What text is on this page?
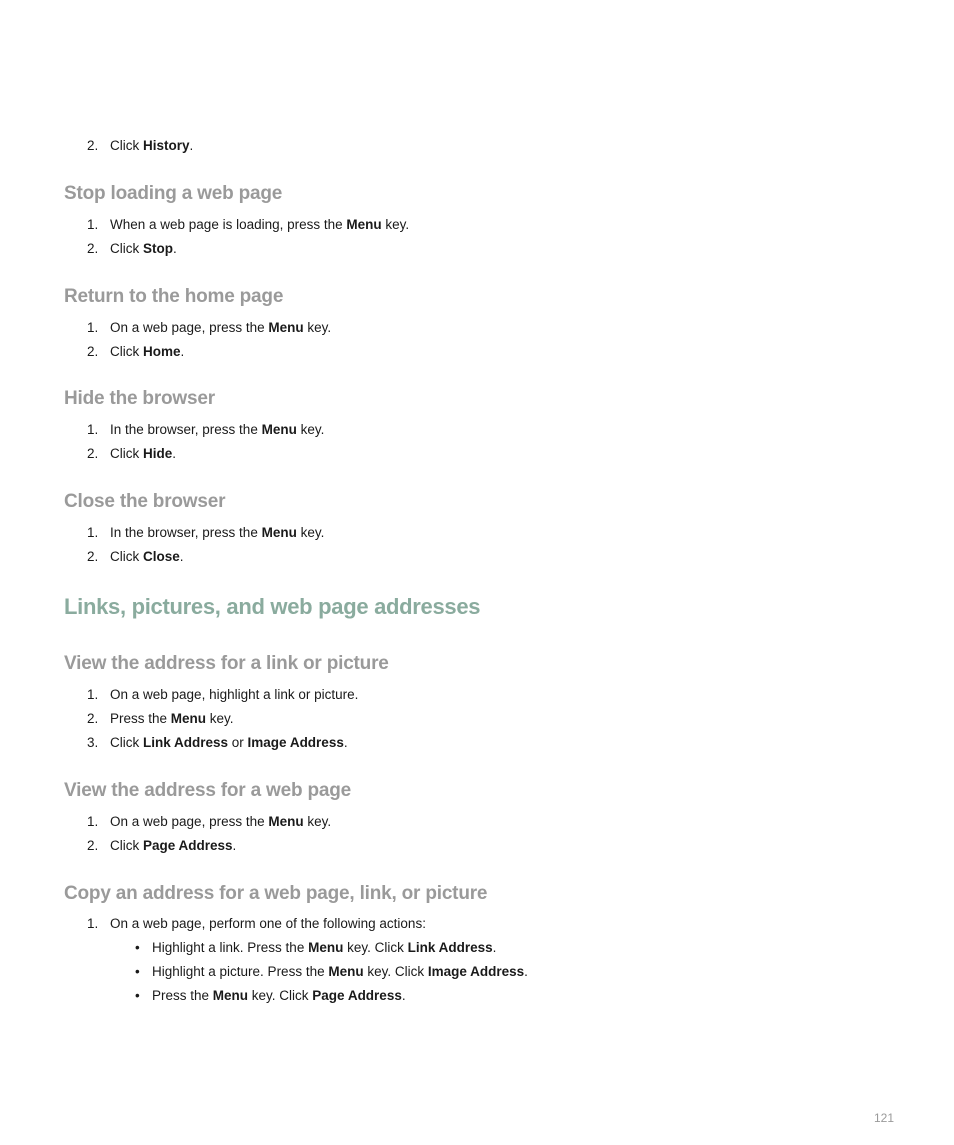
2. Click History.
Stop loading a web page
1. When a web page is loading, press the Menu key.
2. Click Stop.
Return to the home page
1. On a web page, press the Menu key.
2. Click Home.
Hide the browser
1. In the browser, press the Menu key.
2. Click Hide.
Close the browser
1. In the browser, press the Menu key.
2. Click Close.
Links, pictures, and web page addresses
View the address for a link or picture
1. On a web page, highlight a link or picture.
2. Press the Menu key.
3. Click Link Address or Image Address.
View the address for a web page
1. On a web page, press the Menu key.
2. Click Page Address.
Copy an address for a web page, link, or picture
1. On a web page, perform one of the following actions:
• Highlight a link. Press the Menu key. Click Link Address.
• Highlight a picture. Press the Menu key. Click Image Address.
• Press the Menu key. Click Page Address.
121
